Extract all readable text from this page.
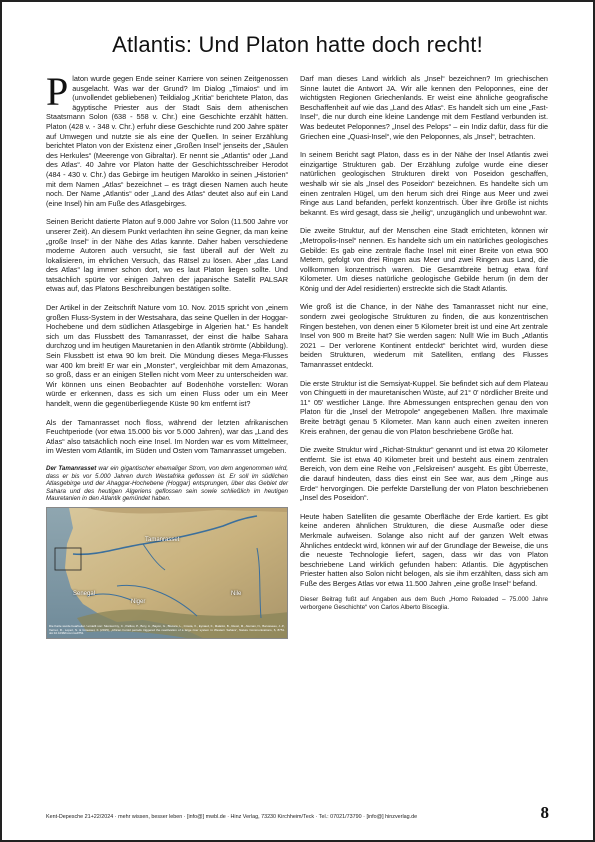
Atlantis: Und Platon hatte doch recht!

Platon wurde gegen Ende seiner Karriere von seinen Zeitgenossen ausgelacht. Was war der Grund? Im Dialog „Timaios“ und im (unvollendet gebliebenen) Teildialog „Kritia“ berichtete Platon, das ägyptische Priester aus der Stadt Sais dem athenischen Staatsmann Solon (638 - 558 v. Chr.) eine Geschichte erzählt hätten. Platon (428 v. - 348 v. Chr.) erfuhr diese Geschichte rund 200 Jahre später auf Umwegen und nutzte sie als eine der Quellen. In seiner Erzählung berichtet Platon von der Existenz einer „Großen Insel“ jenseits der „Säulen des Herkules“ (Meerenge von Gibraltar). Er nennt sie „Atlantis“ oder „Land des Atlas“. 40 Jahre vor Platon hatte der Geschichtsschreiber Herodot (484 - 430 v. Chr.) das Gebirge im heutigen Marokko in seinen „Historien“ mit dem Namen „Atlas“ bezeichnet – es trägt diesen Namen auch heute noch. Der Name „Atlantis“ oder „Land des Atlas“ deutet also auf ein Land (eine Insel) hin am Fuße des Atlasgebirges.

Seinen Bericht datierte Platon auf 9.000 Jahre vor Solon (11.500 Jahre vor unserer Zeit). An diesem Punkt verlachten ihn seine Gegner, da man keine „große Insel“ in der Nähe des Atlas kannte. Daher haben verschiedene moderne Autoren auch versucht, sie fast überall auf der Welt zu lokalisieren, im ehrlichen Versuch, das Rätsel zu lösen. Aber „das Land des Atlas“ lag immer schon dort, wo es laut Platon liegen sollte. Und tatsächlich spürte vor einigen Jahren der japanische Satellit PALSAR etwas auf, das Platons Beschreibungen bestätigen sollte.

Der Artikel in der Zeitschrift Nature vom 10. Nov. 2015 spricht von „einem großen Fluss-System in der Westsahara, das seine Quellen in der Hoggar-Hochebene und dem südlichen Atlasgebirge in Algerien hat.“ Es handelt sich um das Flussbett des Tamanrasset, der einst die halbe Sahara durchzog und im heutigen Mauretanien in den Atlantik strömte (Abbildung). Sein Flussbett ist etwa 90 km breit. Die Mündung dieses Mega-Flusses war 400 km breit! Er war ein „Monster“, vergleichbar mit dem Amazonas, so groß, dass er an einigen Stellen nicht vom Meer zu unterscheiden war. Wir können uns einen Beobachter auf Bodenhöhe vorstellen: Woran würde er erkennen, dass es sich um einen Fluss oder um ein Meer handelt, wenn die gegenüberliegende Küste 90 km entfernt ist?

Als der Tamanrasset noch floss, während der letzten afrikanischen Feuchtperiode (vor etwa 15.000 bis vor 5.000 Jahren), war das „Land des Atlas“ also tatsächlich noch eine Insel. Im Norden war es vom Mittelmeer, im Westen vom Atlantik, im Süden und Osten vom Tamanrasset umgeben.

Der Tamanrasset war ein gigantischer ehemaliger Strom, von dem angenommen wird, dass er bis vor 5.000 Jahren durch Westafrika geflossen ist. Er soll im südlichen Atlasgebirge und der Ahaggar-Hochebene (Hoggar) entsprungen, über das Gebiet der Sahara und des heutigen Algeriens geflossen sein sowie schließlich im heutigen Mauretanien in den Atlantik gemündet haben.
Tamanrasset
Senegal
Niger
Nile
Die Karte wurde bearbeitet / erstellt von: Skonieczny, C., Paillou, P., Bory, A., Bayon, G., Biscara, L., Crosta, X., Eynaud, F., Malaizé, B., Revel, M., Aleman, N., Barusseau, J.-P., Vernet, R., Lopez, S. & Grousset, F. (2015), „African humid periods triggered the reactivation of a large river system in Western Sahara“, Nature Communications, 6, 8751. doi:10.1038/ncomms9751

Darf man dieses Land wirklich als „Insel“ bezeichnen? Im griechischen Sinne lautet die Antwort JA. Wir alle kennen den Peloponnes, eine der wichtigsten Regionen Griechenlands. Er weist eine ähnliche geografische Beschaffenheit auf wie das „Land des Atlas“. Es handelt sich um eine „Fast-Insel“, die nur durch eine kleine Landenge mit dem Festland verbunden ist. Was bedeutet Peloponnes? „Insel des Pelops“ – ein Indiz dafür, dass für die Griechen eine „Quasi-Insel“, wie den Peloponnes, als „Insel“, betrachten.

In seinem Bericht sagt Platon, dass es in der Nähe der Insel Atlantis zwei einzigartige Strukturen gab. Der Erzählung zufolge wurde eine dieser natürlichen geologischen Strukturen direkt von Poseidon geschaffen, weshalb wir sie als „Insel des Poseidon“ bezeichnen. Es handelte sich um einen zentralen Hügel, um den herum sich drei Ringe aus Meer und zwei Ringe aus Land befanden, perfekt konzentrisch. Über ihre Größe ist nichts bekannt. Es wird gesagt, dass sie „heilig“, unzugänglich und unbewohnt war.

Die zweite Struktur, auf der Menschen eine Stadt errichteten, können wir „Metropolis-Insel“ nennen. Es handelte sich um ein natürliches geologisches Gebilde: Es gab eine zentrale flache Insel mit einer Breite von etwa 900 Metern, gefolgt von drei Ringen aus Meer und zwei Ringen aus Land, die vollkommen konzentrisch waren. Die Gesamtbreite betrug etwa fünf Kilometer. Um dieses natürliche geologische Gebilde herum (in dem der König und der Adel residierten) erstreckte sich die Stadt Atlantis.

Wie groß ist die Chance, in der Nähe des Tamanrasset nicht nur eine, sondern zwei geologische Strukturen zu finden, die aus konzentrischen Ringen bestehen, von denen einer 5 Kilometer breit ist und eine Art zentrale Insel von 900 m Breite hat? Sie werden sagen: Null! Wie im Buch „Atlantis 2021 – Der verlorene Kontinent entdeckt“ berichtet wird, wurden diese beiden Strukturen, wiederum mit Satelliten, entlang des Flusses Tamanrasset entdeckt.

Die erste Struktur ist die Semsiyat-Kuppel. Sie befindet sich auf dem Plateau von Chinguetti in der mauretanischen Wüste, auf 21° 0' nördlicher Breite und 11° 05' westlicher Länge. Ihre Abmessungen entsprechen genau den von Platon für die „Insel der Metropole“ angegebenen Maßen. Ihre maximale Breite beträgt genau 5 Kilometer. Man kann auch einen zweiten inneren Kreis erahnen, der genau die von Platon beschriebene Größe hat.

Die zweite Struktur wird „Richat-Struktur“ genannt und ist etwa 20 Kilometer entfernt. Sie ist etwa 40 Kilometer breit und besteht aus einem zentralen Bereich, von dem eine Reihe von „Felskreisen“ ausgeht. Es gibt Überreste, die darauf hindeuten, dass dies einst ein See war, aus dem „Ringe aus Erde“ hervorgingen. Die perfekte Darstellung der von Platon beschriebenen „Insel des Poseidon“.

Heute haben Satelliten die gesamte Oberfläche der Erde kartiert. Es gibt keine anderen ähnlichen Strukturen, die diese Ausmaße oder diese Merkmale aufweisen. Solange also nicht auf der ganzen Welt etwas Ähnliches entdeckt wird, können wir auf der Grundlage der Beweise, die uns die neueste Technologie liefert, sagen, dass wir das von Platon beschriebene Land wirklich gefunden haben: Atlantis. Die ägyptischen Priester hatten also Solon nicht belogen, als sie ihm erzählten, dass sich am Fuße des Berges Atlas vor etwa 11.500 Jahren „eine große Insel“ befand.

Dieser Beitrag fußt auf Angaben aus dem Buch „Homo Reloaded – 75.000 Jahre verborgene Geschichte“ von Carlos Alberto Bisceglia.

Kent-Depesche 21+22/2024 · mehr wissen, besser leben · [info@] mwbl.de · Hinz Verlag, 73230 Kirchheim/Teck · Tel.: 07021/73790 · [info@] hinzverlag.de	8
